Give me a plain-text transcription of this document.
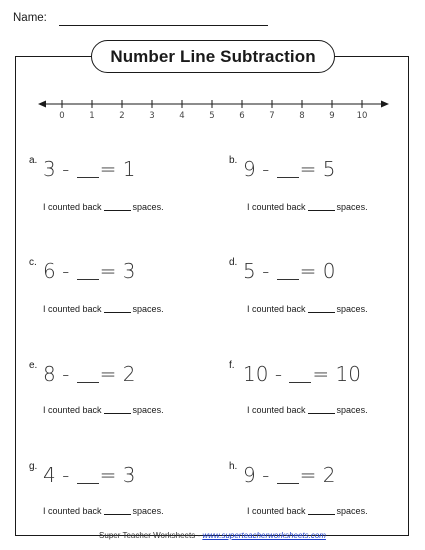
Name:
Number Line Subtraction
0	1	2	3	4	5	6	7	8	9	10
a. 3 - = 1
I counted back	spaces.
b. 9 - = 5
I counted back	spaces.
c. 6 - = 3
I counted back	spaces.
d. 5 - = 0
I counted back	spaces.
e. 8 - = 2
I counted back	spaces.
f. 10 - = 10
I counted back	spaces.
g. 4 - = 3
I counted back	spaces.
h. 9 - = 2
I counted back	spaces.
Super Teacher Worksheets - www.superteacherworksheets.com
